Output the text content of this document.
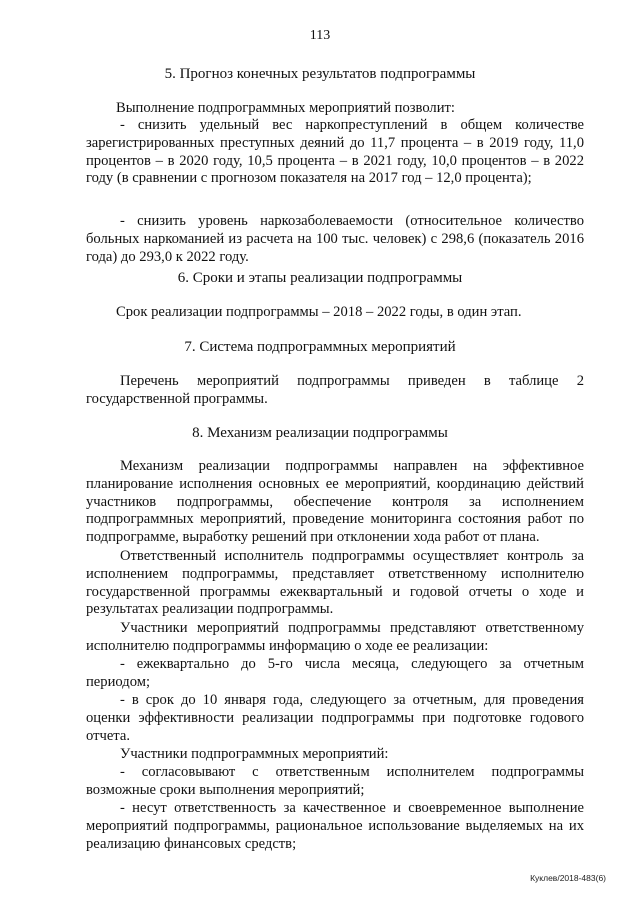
113
5. Прогноз конечных результатов подпрограммы
Выполнение подпрограммных мероприятий позволит:
- снизить удельный вес наркопреступлений в общем количестве зарегистрированных преступных деяний до 11,7 процента – в 2019 году, 11,0 процентов – в 2020 году, 10,5 процента – в 2021 году, 10,0 процентов – в 2022 году (в сравнении с прогнозом показателя на 2017 год – 12,0 процента);
- снизить уровень наркозаболеваемости (относительное количество больных наркоманией из расчета на 100 тыс. человек) с 298,6 (показатель 2016 года) до 293,0 к 2022 году.
6. Сроки и этапы реализации подпрограммы
Срок реализации подпрограммы – 2018 – 2022 годы, в один этап.
7. Система подпрограммных мероприятий
Перечень мероприятий подпрограммы приведен в таблице 2 государственной программы.
8. Механизм реализации подпрограммы
Механизм реализации подпрограммы направлен на эффективное планирование исполнения основных ее мероприятий, координацию действий участников подпрограммы, обеспечение контроля за исполнением подпрограммных мероприятий, проведение мониторинга состояния работ по подпрограмме, выработку решений при отклонении хода работ от плана.
Ответственный исполнитель подпрограммы осуществляет контроль за исполнением подпрограммы, представляет ответственному исполнителю государственной программы ежеквартальный и годовой отчеты о ходе и результатах реализации подпрограммы.
Участники мероприятий подпрограммы представляют ответственному исполнителю подпрограммы информацию о ходе ее реализации:
- ежеквартально до 5-го числа месяца, следующего за отчетным периодом;
- в срок до 10 января года, следующего за отчетным, для проведения оценки эффективности реализации подпрограммы при подготовке годового отчета.
Участники подпрограммных мероприятий:
- согласовывают с ответственным исполнителем подпрограммы возможные сроки выполнения мероприятий;
- несут ответственность за качественное и своевременное выполнение мероприятий подпрограммы, рациональное использование выделяемых на их реализацию финансовых средств;
Куклев/2018-483(6)
